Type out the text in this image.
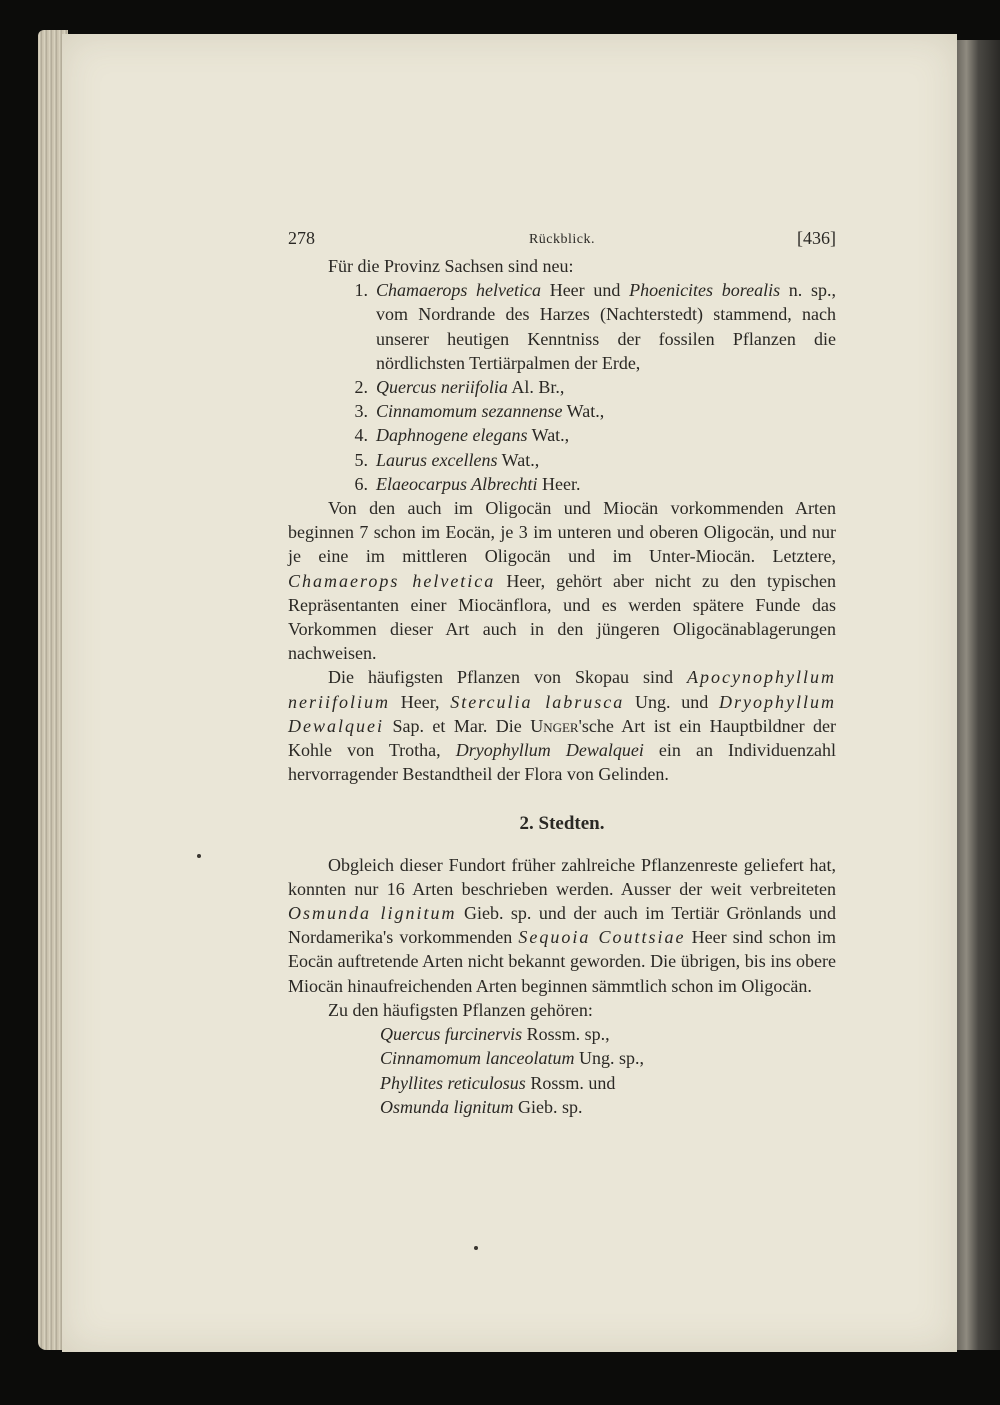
278	Rückblick.	[436]

Für die Provinz Sachsen sind neu:

1. Chamaerops helvetica Heer und Phoenicites borealis n. sp., vom Nordrande des Harzes (Nachterstedt) stammend, nach unserer heutigen Kenntniss der fossilen Pflanzen die nördlichsten Tertiärpalmen der Erde,
2. Quercus neriifolia Al. Br.,
3. Cinnamomum sezannense Wat.,
4. Daphnogene elegans Wat.,
5. Laurus excellens Wat.,
6. Elaeocarpus Albrechti Heer.

Von den auch im Oligocän und Miocän vorkommenden Arten beginnen 7 schon im Eocän, je 3 im unteren und oberen Oligocän, und nur je eine im mittleren Oligocän und im Unter-Miocän. Letztere, Chamaerops helvetica Heer, gehört aber nicht zu den typischen Repräsentanten einer Miocänflora, und es werden spätere Funde das Vorkommen dieser Art auch in den jüngeren Oligocänablagerungen nachweisen.

Die häufigsten Pflanzen von Skopau sind Apocynophyllum neriifolium Heer, Sterculia labrusca Ung. und Dryophyllum Dewalquei Sap. et Mar. Die Unger'sche Art ist ein Hauptbildner der Kohle von Trotha, Dryophyllum Dewalquei ein an Individuenzahl hervorragender Bestandtheil der Flora von Gelinden.

2. Stedten.

Obgleich dieser Fundort früher zahlreiche Pflanzenreste geliefert hat, konnten nur 16 Arten beschrieben werden. Ausser der weit verbreiteten Osmunda lignitum Gieb. sp. und der auch im Tertiär Grönlands und Nordamerika's vorkommenden Sequoia Couttsiae Heer sind schon im Eocän auftretende Arten nicht bekannt geworden. Die übrigen, bis ins obere Miocän hinaufreichenden Arten beginnen sämmtlich schon im Oligocän.

Zu den häufigsten Pflanzen gehören:

Quercus furcinervis Rossm. sp.,

Cinnamomum lanceolatum Ung. sp.,

Phyllites reticulosus Rossm. und

Osmunda lignitum Gieb. sp.
